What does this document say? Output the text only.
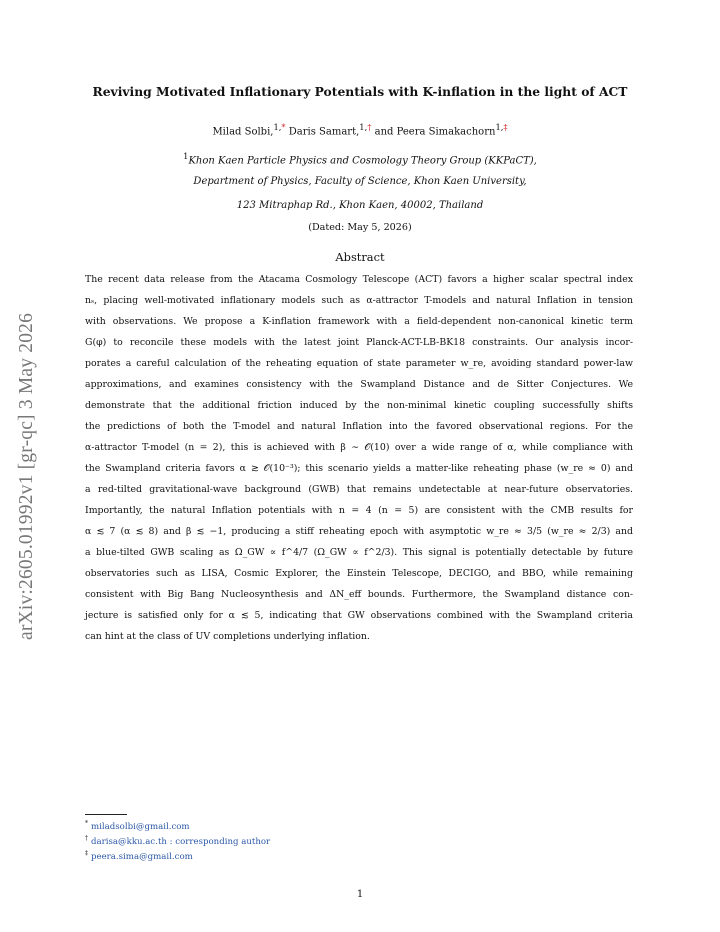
arXiv:2605.01992v1 [gr-qc] 3 May 2026
Reviving Motivated Inflationary Potentials with K-inflation in the light of ACT
Milad Solbi,$^{1,*}$ Daris Samart,$^{1,\dagger}$ and Peera Simakachorn$^{1,\ddagger}$
$^1$Khon Kaen Particle Physics and Cosmology Theory Group (KKPaCT),
Department of Physics, Faculty of Science, Khon Kaen University,
123 Mitraphap Rd., Khon Kaen, 40002, Thailand
(Dated: May 5, 2026)
Abstract
The recent data release from the Atacama Cosmology Telescope (ACT) favors a higher scalar spectral index
nₛ, placing well-motivated inflationary models such as α-attractor T-models and natural Inflation in tension
with observations. We propose a K-inflation framework with a field-dependent non-canonical kinetic term
G(φ) to reconcile these models with the latest joint Planck-ACT-LB-BK18 constraints. Our analysis incor-
porates a careful calculation of the reheating equation of state parameter w_re, avoiding standard power-law
approximations, and examines consistency with the Swampland Distance and de Sitter Conjectures. We
demonstrate that the additional friction induced by the non-minimal kinetic coupling successfully shifts
the predictions of both the T-model and natural Inflation into the favored observational regions. For the
α-attractor T-model (n = 2), this is achieved with β ∼ 𝒪(10) over a wide range of α, while compliance with
the Swampland criteria favors α ≳ 𝒪(10⁻³); this scenario yields a matter-like reheating phase (w_re ≈ 0) and
a red-tilted gravitational-wave background (GWB) that remains undetectable at near-future observatories.
Importantly, the natural Inflation potentials with n = 4 (n = 5) are consistent with the CMB results for
α ≲ 7 (α ≲ 8) and β ≲ −1, producing a stiff reheating epoch with asymptotic w_re ≈ 3/5 (w_re ≈ 2/3) and
a blue-tilted GWB scaling as Ω_GW ∝ f^4/7 (Ω_GW ∝ f^2/3). This signal is potentially detectable by future
observatories such as LISA, Cosmic Explorer, the Einstein Telescope, DECIGO, and BBO, while remaining
consistent with Big Bang Nucleosynthesis and ΔN_eff bounds. Furthermore, the Swampland distance con-
jecture is satisfied only for α ≲ 5, indicating that GW observations combined with the Swampland criteria
can hint at the class of UV completions underlying inflation.
* miladsolbi@gmail.com
† darisa@kku.ac.th : corresponding author
‡ peera.sima@gmail.com
1
